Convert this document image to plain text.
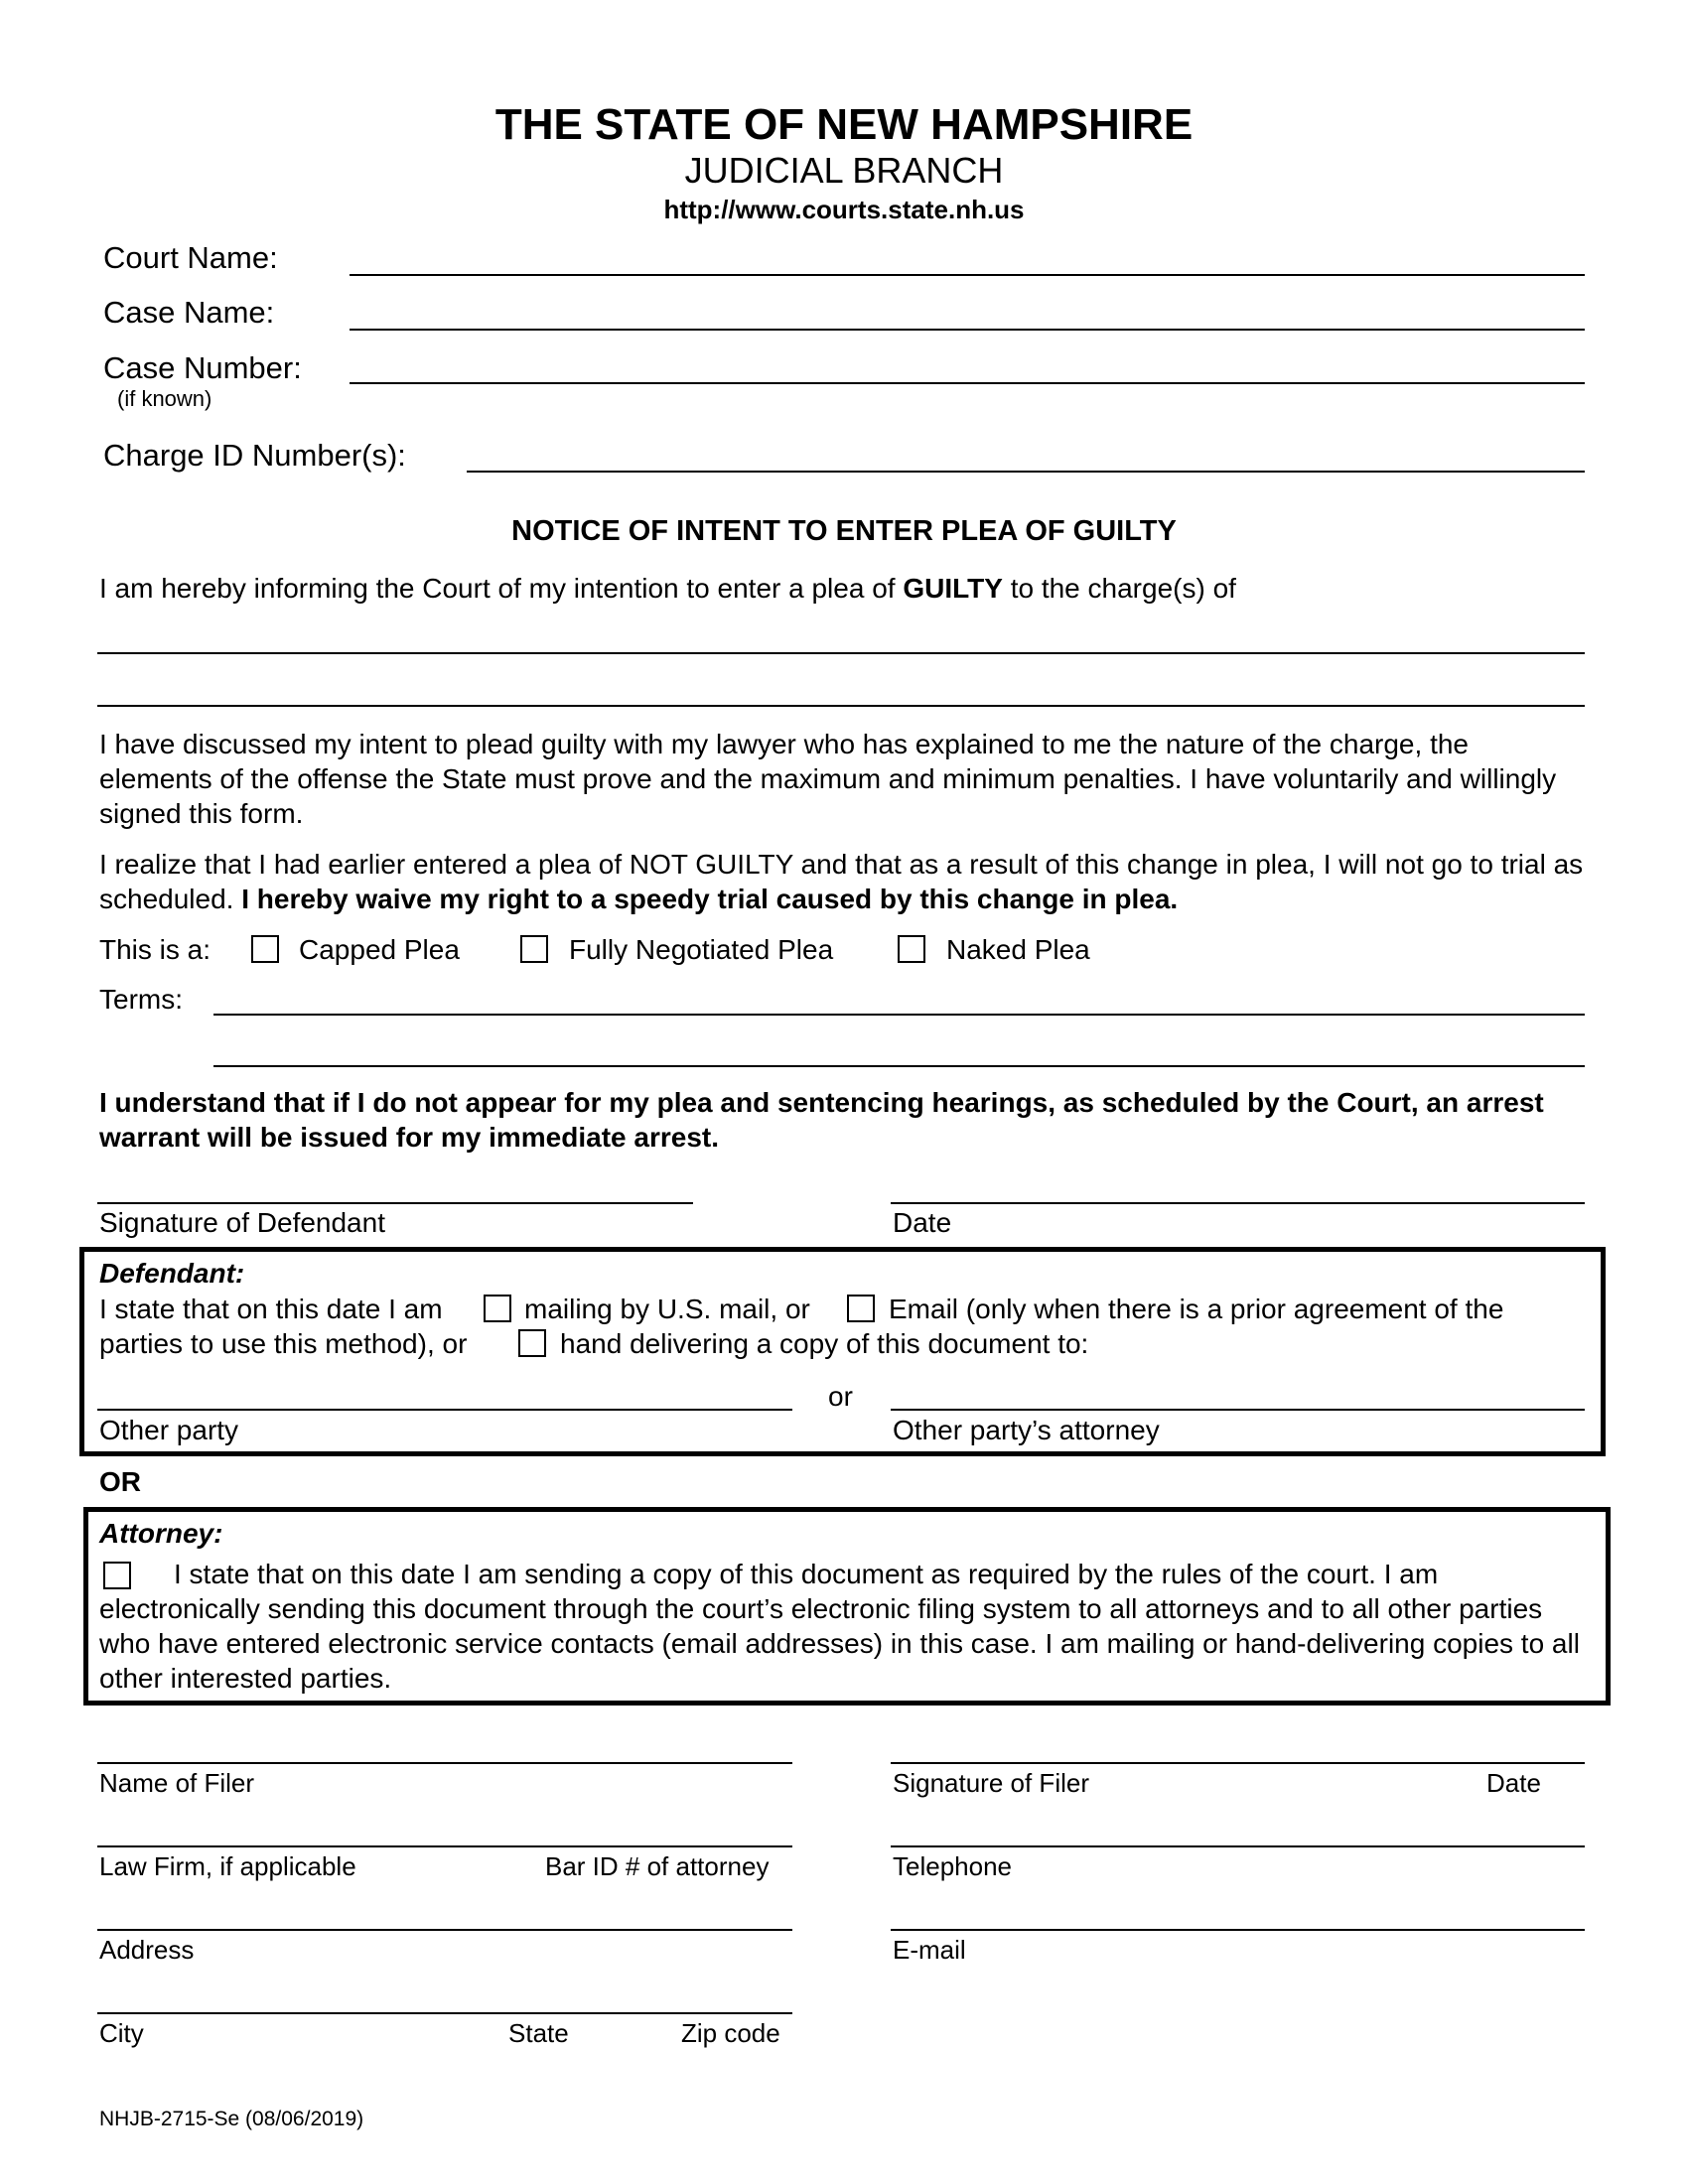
THE STATE OF NEW HAMPSHIRE
JUDICIAL BRANCH
http://www.courts.state.nh.us
Court Name:
Case Name:
Case Number:
(if known)
Charge ID Number(s):
NOTICE OF INTENT TO ENTER PLEA OF GUILTY
I am hereby informing the Court of my intention to enter a plea of GUILTY to the charge(s) of
I have discussed my intent to plead guilty with my lawyer who has explained to me the nature of the charge, the elements of the offense the State must prove and the maximum and minimum penalties. I have voluntarily and willingly signed this form.
I realize that I had earlier entered a plea of NOT GUILTY and that as a result of this change in plea, I will not go to trial as scheduled. I hereby waive my right to a speedy trial caused by this change in plea.
This is a:	Capped Plea	Fully Negotiated Plea	Naked Plea
Terms:
I understand that if I do not appear for my plea and sentencing hearings, as scheduled by the Court, an arrest warrant will be issued for my immediate arrest.
Signature of Defendant	Date
Defendant:
I state that on this date I am	mailing by U.S. mail, or	Email (only when there is a prior agreement of the
parties to use this method), or	hand delivering a copy of this document to:
or
Other party	Other party’s attorney
OR
Attorney:
I state that on this date I am sending a copy of this document as required by the rules of the court. I am electronically sending this document through the court’s electronic filing system to all attorneys and to all other parties who have entered electronic service contacts (email addresses) in this case. I am mailing or hand-delivering copies to all other interested parties.
Name of Filer	Signature of Filer	Date
Law Firm, if applicable	Bar ID # of attorney	Telephone
Address	E-mail
City	State	Zip code
NHJB-2715-Se (08/06/2019)
